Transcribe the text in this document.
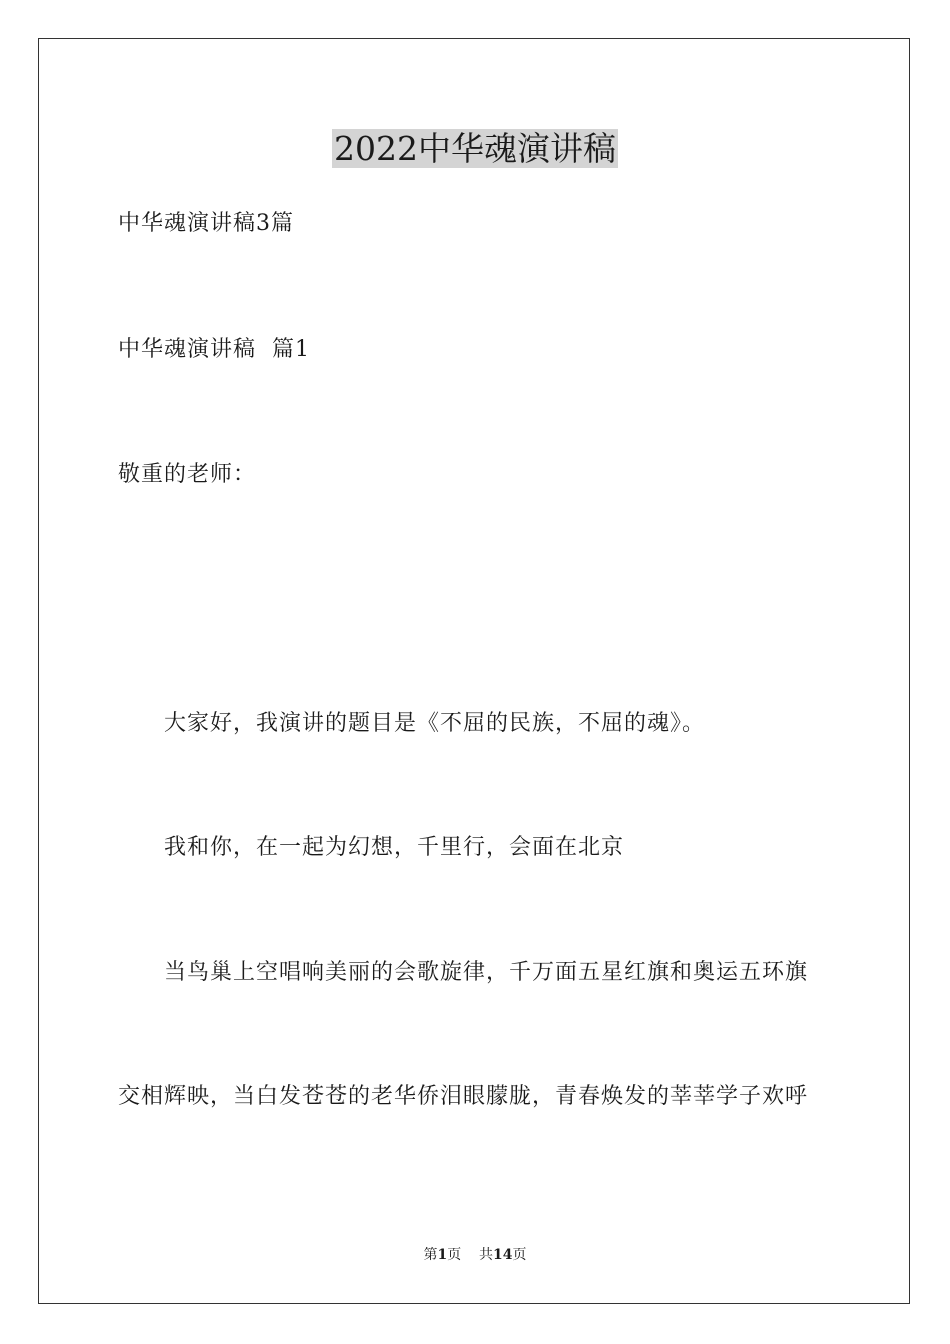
2022中华魂演讲稿
中华魂演讲稿3篇
中华魂演讲稿  篇1
敬重的老师：
大家好，我演讲的题目是《不屈的民族，不屈的魂》。
我和你，在一起为幻想，千里行，会面在北京
当鸟巢上空唱响美丽的会歌旋律，千万面五星红旗和奥运五环旗
交相辉映，当白发苍苍的老华侨泪眼朦胧，青春焕发的莘莘学子欢呼
第1页 共14页
